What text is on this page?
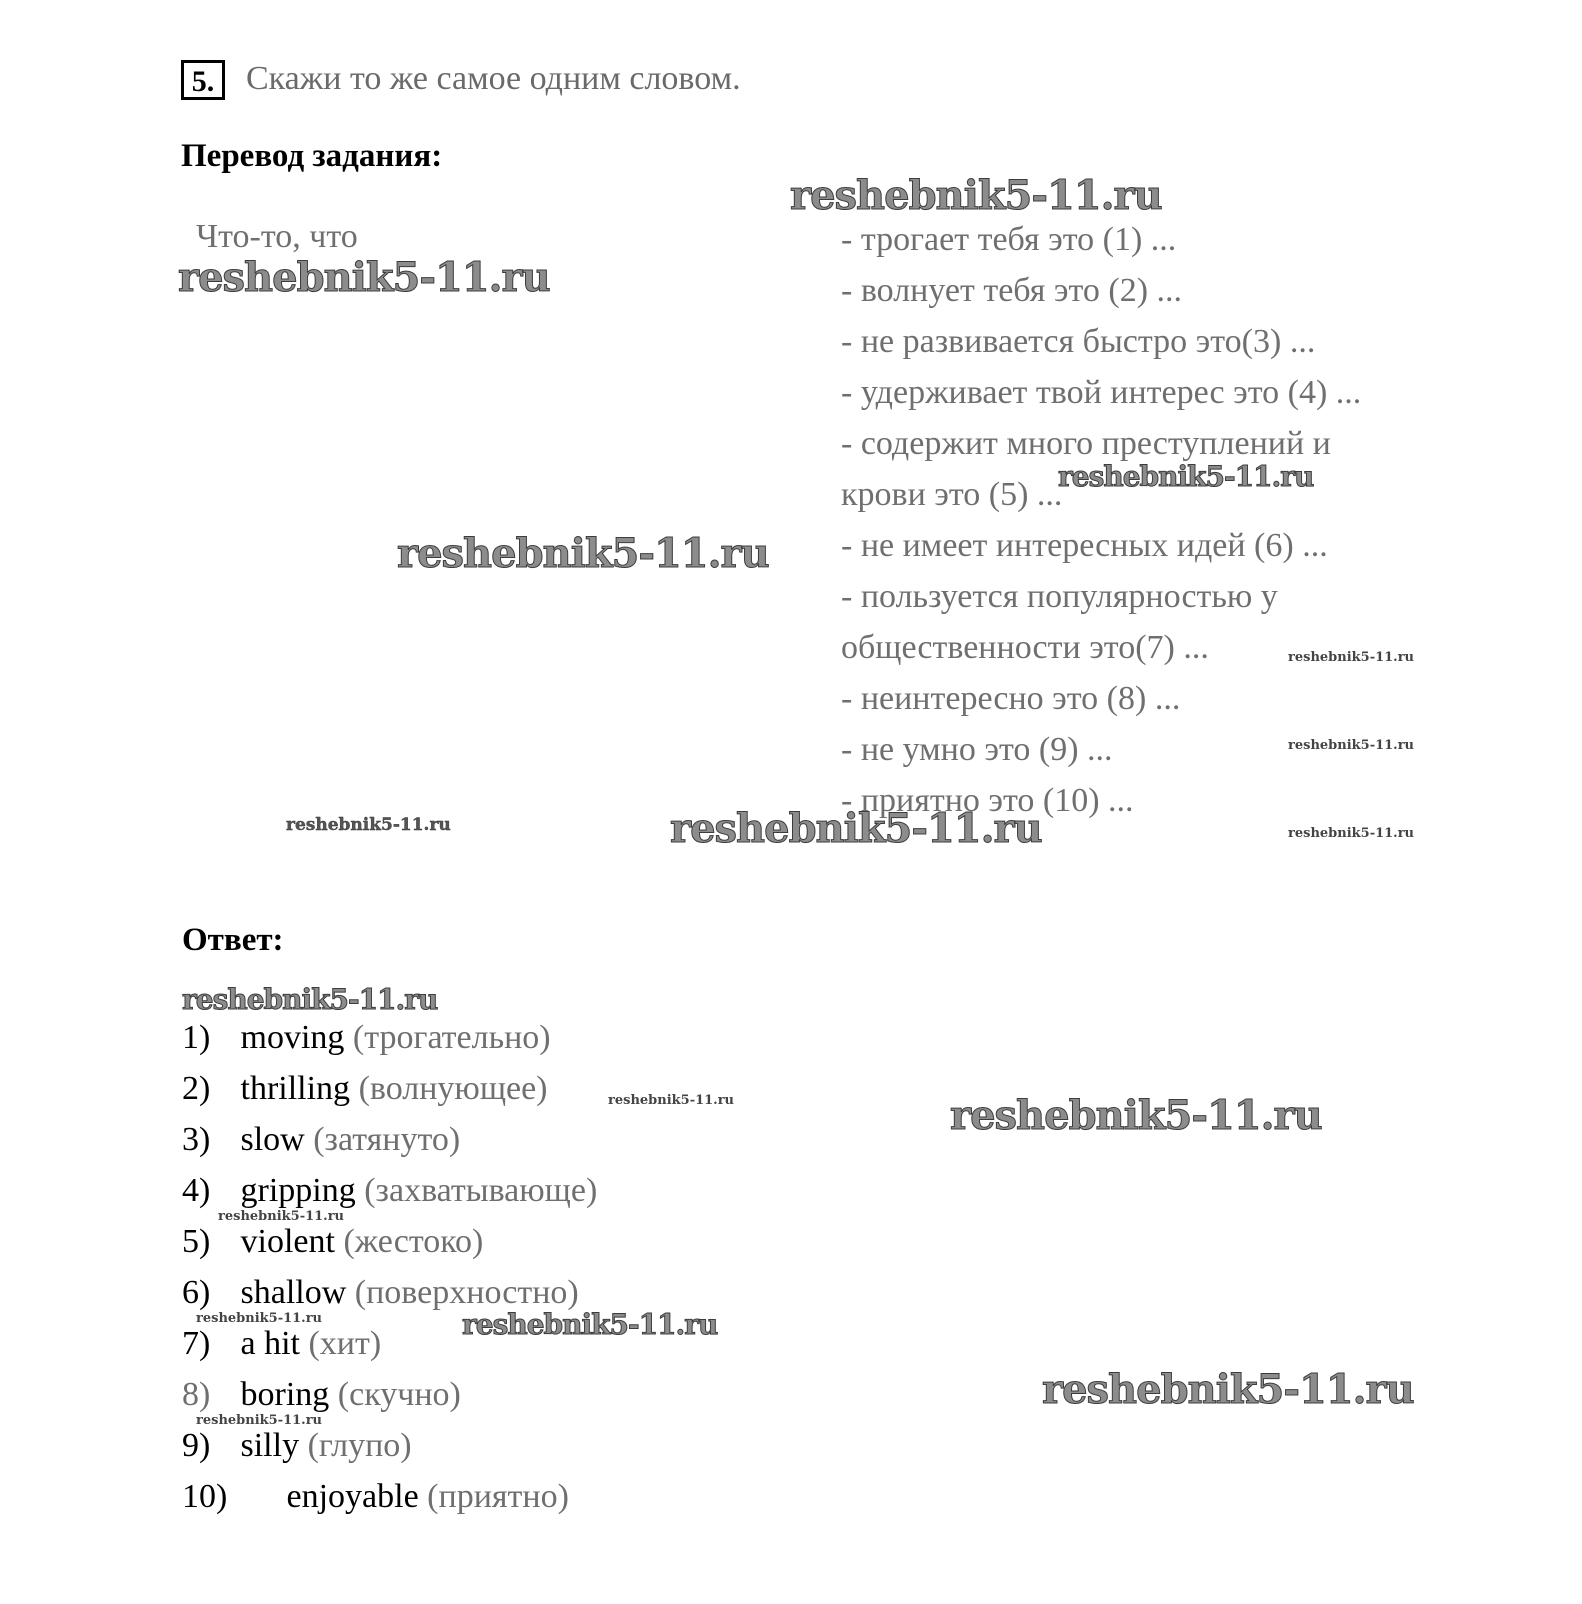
5. Скажи то же самое одним словом.
Перевод задания:
Что-то, что	- трогает тебя это (1) ...
- волнует тебя это (2) ...
- не развивается быстро это(3) ...
- удерживает твой интерес это (4) ...
- содержит много преступлений и
крови это (5) ...
- не имеет интересных идей (6) ...
- пользуется популярностью у
общественности это(7) ...
- неинтересно это (8) ...
- не умно это (9) ...
- приятно это (10) ...
Ответ:
1) moving (трогательно)
2) thrilling (волнующее)
3) slow (затянуто)
4) gripping (захватывающе)
5) violent (жестоко)
6) shallow (поверхностно)
7) a hit (хит)
8) boring (скучно)
9) silly (глупо)
10) enjoyable (приятно)
reshebnik5-11.ru
reshebnik5-11.ru
reshebnik5-11.ru
reshebnik5-11.ru
reshebnik5-11.ru
reshebnik5-11.ru
reshebnik5-11.ru	reshebnik5-11.ru	reshebnik5-11.ru
reshebnik5-11.ru
reshebnik5-11.ru	reshebnik5-11.ru
reshebnik5-11.ru
reshebnik5-11.ru	reshebnik5-11.ru
reshebnik5-11.ru
reshebnik5-11.ru
